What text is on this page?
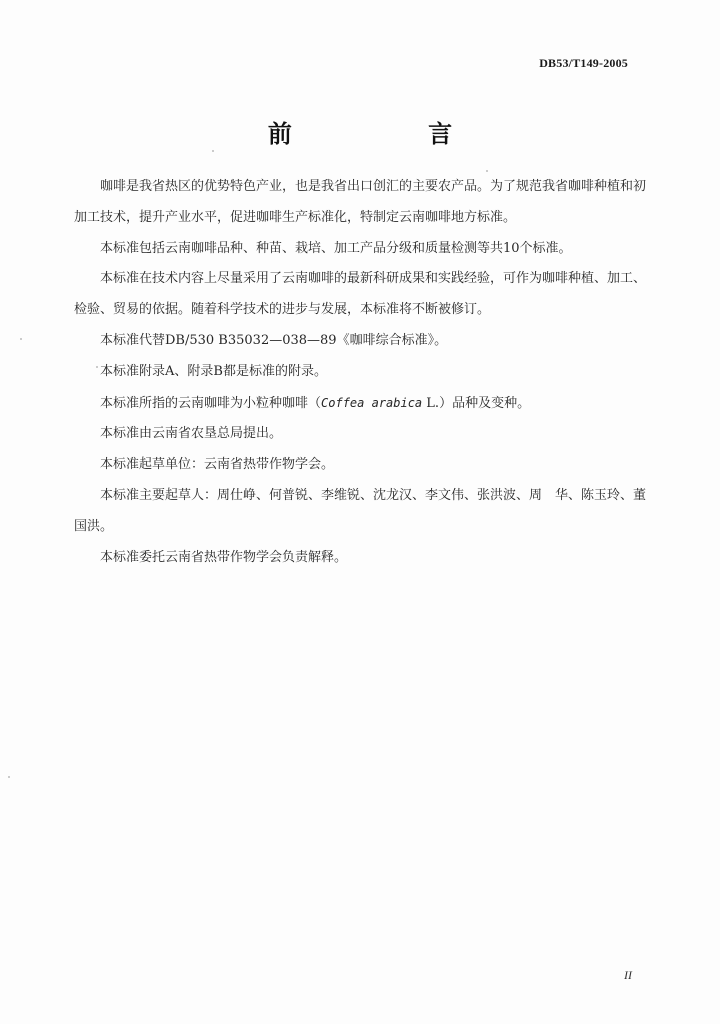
DB53/T149-2005
前 言

咖啡是我省热区的优势特色产业，也是我省出口创汇的主要农产品。为了规范我省咖啡种植和初加工技术，提升产业水平，促进咖啡生产标准化，特制定云南咖啡地方标准。

本标准包括云南咖啡品种、种苗、栽培、加工产品分级和质量检测等共10个标准。

本标准在技术内容上尽量采用了云南咖啡的最新科研成果和实践经验，可作为咖啡种植、加工、检验、贸易的依据。随着科学技术的进步与发展，本标准将不断被修订。

本标准代替DB/530 B35032—038—89《咖啡综合标准》。

本标准附录A、附录B都是标准的附录。

本标准所指的云南咖啡为小粒种咖啡（Coffea arabica L.）品种及变种。

本标准由云南省农垦总局提出。

本标准起草单位：云南省热带作物学会。

本标准主要起草人：周仕峥、何普锐、李维锐、沈龙汉、李文伟、张洪波、周　华、陈玉玲、董国洪。

本标准委托云南省热带作物学会负责解释。

II
